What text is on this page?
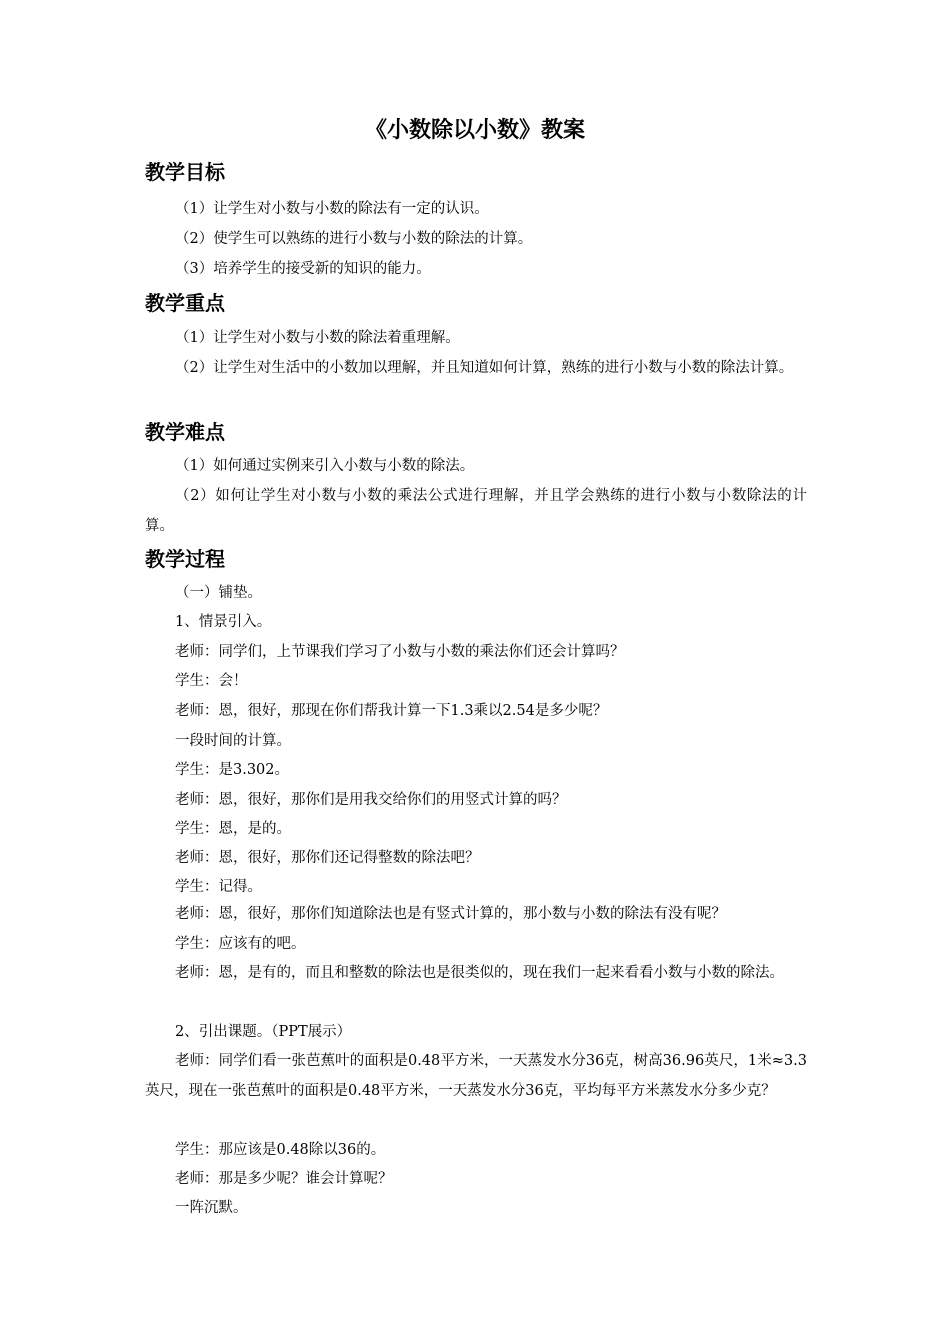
《小数除以小数》教案
教学目标

（1）让学生对小数与小数的除法有一定的认识。

（2）使学生可以熟练的进行小数与小数的除法的计算。

（3）培养学生的接受新的知识的能力。

教学重点

（1）让学生对小数与小数的除法着重理解。

（2）让学生对生活中的小数加以理解，并且知道如何计算，熟练的进行小数与小数的除法计算。

教学难点

（1）如何通过实例来引入小数与小数的除法。

（2）如何让学生对小数与小数的乘法公式进行理解，并且学会熟练的进行小数与小数除法的计算。

教学过程

（一）铺垫。

1、情景引入。

老师：同学们，上节课我们学习了小数与小数的乘法你们还会计算吗？

学生：会！

老师：恩，很好，那现在你们帮我计算一下1.3乘以2.54是多少呢？

一段时间的计算。

学生：是3.302。

老师：恩，很好，那你们是用我交给你们的用竖式计算的吗？

学生：恩，是的。

老师：恩，很好，那你们还记得整数的除法吧？

学生：记得。

老师：恩，很好，那你们知道除法也是有竖式计算的，那小数与小数的除法有没有呢？

学生：应该有的吧。

老师：恩，是有的，而且和整数的除法也是很类似的，现在我们一起来看看小数与小数的除法。

2、引出课题。（PPT展示）

老师：同学们看一张芭蕉叶的面积是0.48平方米，一天蒸发水分36克，树高36.96英尺，1米≈3.3英尺，现在一张芭蕉叶的面积是0.48平方米，一天蒸发水分36克，平均每平方米蒸发水分多少克？

学生：那应该是0.48除以36的。

老师：那是多少呢？谁会计算呢？

一阵沉默。
